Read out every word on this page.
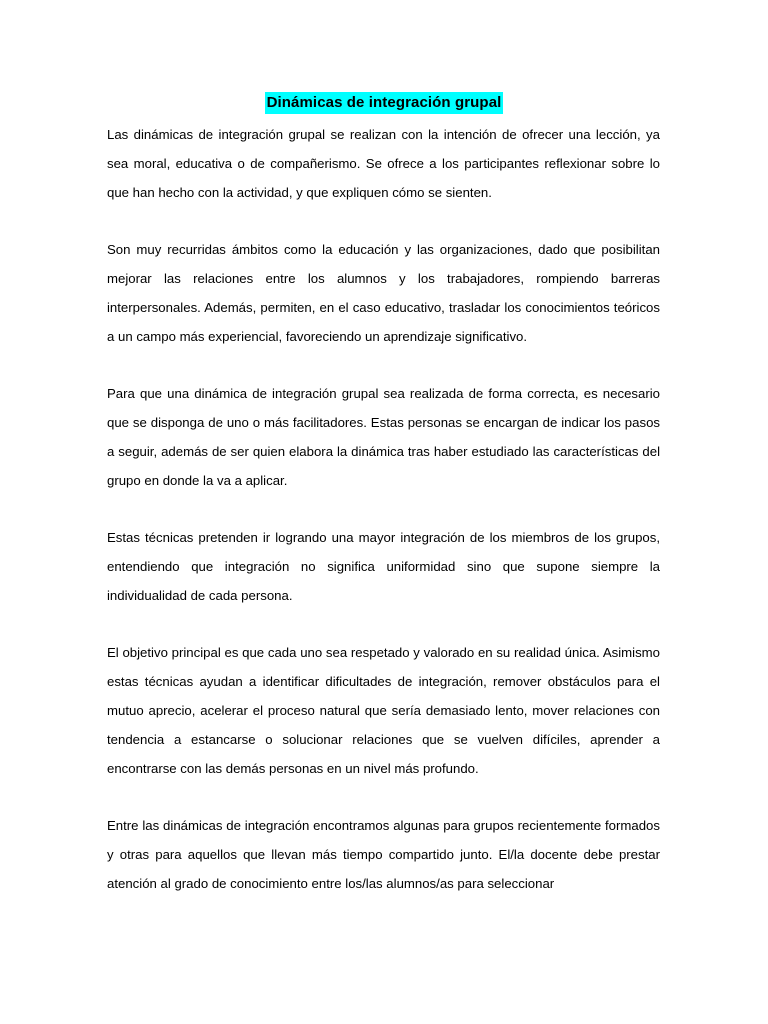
Dinámicas de integración grupal

Las dinámicas de integración grupal se realizan con la intención de ofrecer una lección, ya sea moral, educativa o de compañerismo. Se ofrece a los participantes reflexionar sobre lo que han hecho con la actividad, y que expliquen cómo se sienten.

Son muy recurridas ámbitos como la educación y las organizaciones, dado que posibilitan mejorar las relaciones entre los alumnos y los trabajadores, rompiendo barreras interpersonales. Además, permiten, en el caso educativo, trasladar los conocimientos teóricos a un campo más experiencial, favoreciendo un aprendizaje significativo.

Para que una dinámica de integración grupal sea realizada de forma correcta, es necesario que se disponga de uno o más facilitadores. Estas personas se encargan de indicar los pasos a seguir, además de ser quien elabora la dinámica tras haber estudiado las características del grupo en donde la va a aplicar.

Estas técnicas pretenden ir logrando una mayor integración de los miembros de los grupos, entendiendo que integración no significa uniformidad sino que supone siempre la individualidad de cada persona.

El objetivo principal es que cada uno sea respetado y valorado en su realidad única. Asimismo estas técnicas ayudan a identificar dificultades de integración, remover obstáculos para el mutuo aprecio, acelerar el proceso natural que sería demasiado lento, mover relaciones con tendencia a estancarse o solucionar relaciones que se vuelven difíciles, aprender a encontrarse con las demás personas en un nivel más profundo.

Entre las dinámicas de integración encontramos algunas para grupos recientemente formados y otras para aquellos que llevan más tiempo compartido junto. El/la docente debe prestar atención al grado de conocimiento entre los/las alumnos/as para seleccionar
